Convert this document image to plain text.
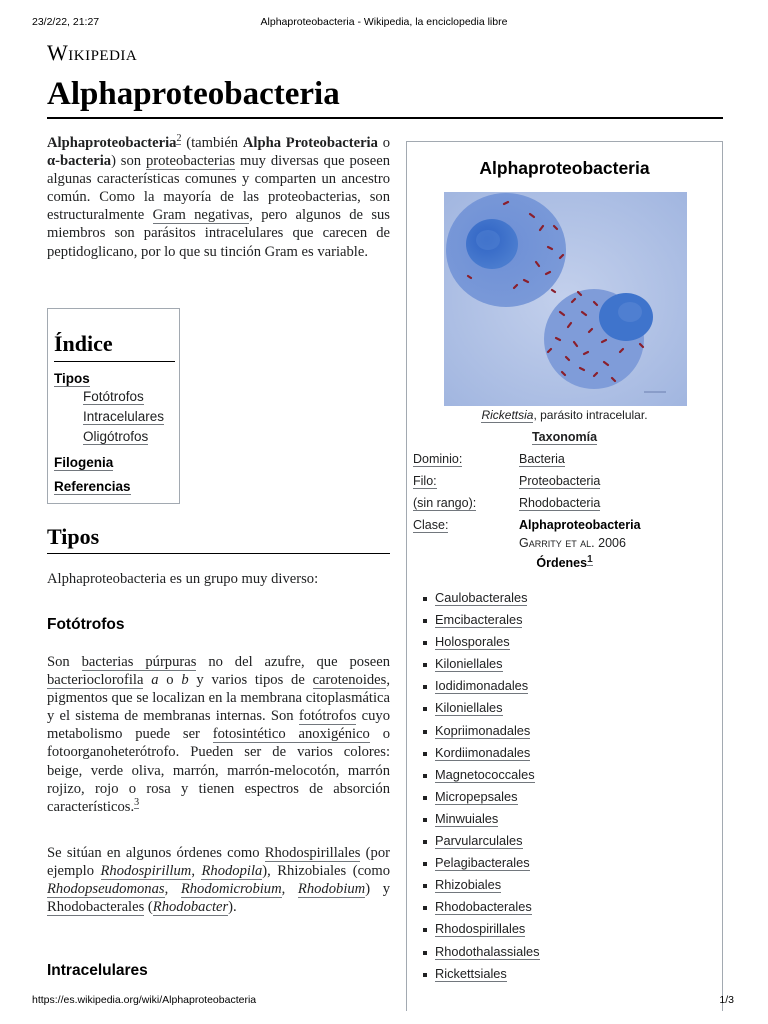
23/2/22, 21:27	Alphaproteobacteria - Wikipedia, la enciclopedia libre
Wikipedia
Alphaproteobacteria

Alphaproteobacteria$^2$ (también Alpha Proteobacteria o α-bacteria) son proteobacterias muy diversas que poseen algunas características comunes y comparten un ancestro común. Como la mayoría de las proteobacterias, son estructuralmente Gram negativas, pero algunos de sus miembros son parásitos intracelulares que carecen de peptidoglicano, por lo que su tinción Gram es variable.

Índice
Tipos
Fotótrofos
Intracelulares
Oligótrofos
Filogenia
Referencias
Tipos

Alphaproteobacteria es un grupo muy diverso:

Fotótrofos

Son bacterias púrpuras no del azufre, que poseen bacterioclorofila a o b y varios tipos de carotenoides, pigmentos que se localizan en la membrana citoplasmática y el sistema de membranas internas. Son fotótrofos cuyo metabolismo puede ser fotosintético anoxigénico o fotoorganoheterótrofo. Pueden ser de varios colores: beige, verde oliva, marrón, marrón-melocotón, marrón rojizo, rojo o rosa y tienen espectros de absorción característicos.$^3$

Se sitúan en algunos órdenes como Rhodospirillales (por ejemplo Rhodospirillum, Rhodopila), Rhizobiales (como Rhodopseudomonas, Rhodomicrobium, Rhodobium) y Rhodobacterales (Rhodobacter).

Intracelulares
Alphaproteobacteria
Rickettsia, parásito intracelular.
Taxonomía
Dominio:	Bacteria
Filo:	Proteobacteria
(sin rango):	Rhodobacteria
Clase:	Alphaproteobacteria
Garrity et al. 2006
Órdenes$^1$
Caulobacterales
Emcibacterales
Holosporales
Kiloniellales
Iodidimonadales
Kiloniellales
Kopriimonadales
Kordiimonadales
Magnetococcales
Micropepsales
Minwuiales
Parvularculales
Pelagibacterales
Rhizobiales
Rhodobacterales
Rhodospirillales
Rhodothalassiales
Rickettsiales
https://es.wikipedia.org/wiki/Alphaproteobacteria	1/3
